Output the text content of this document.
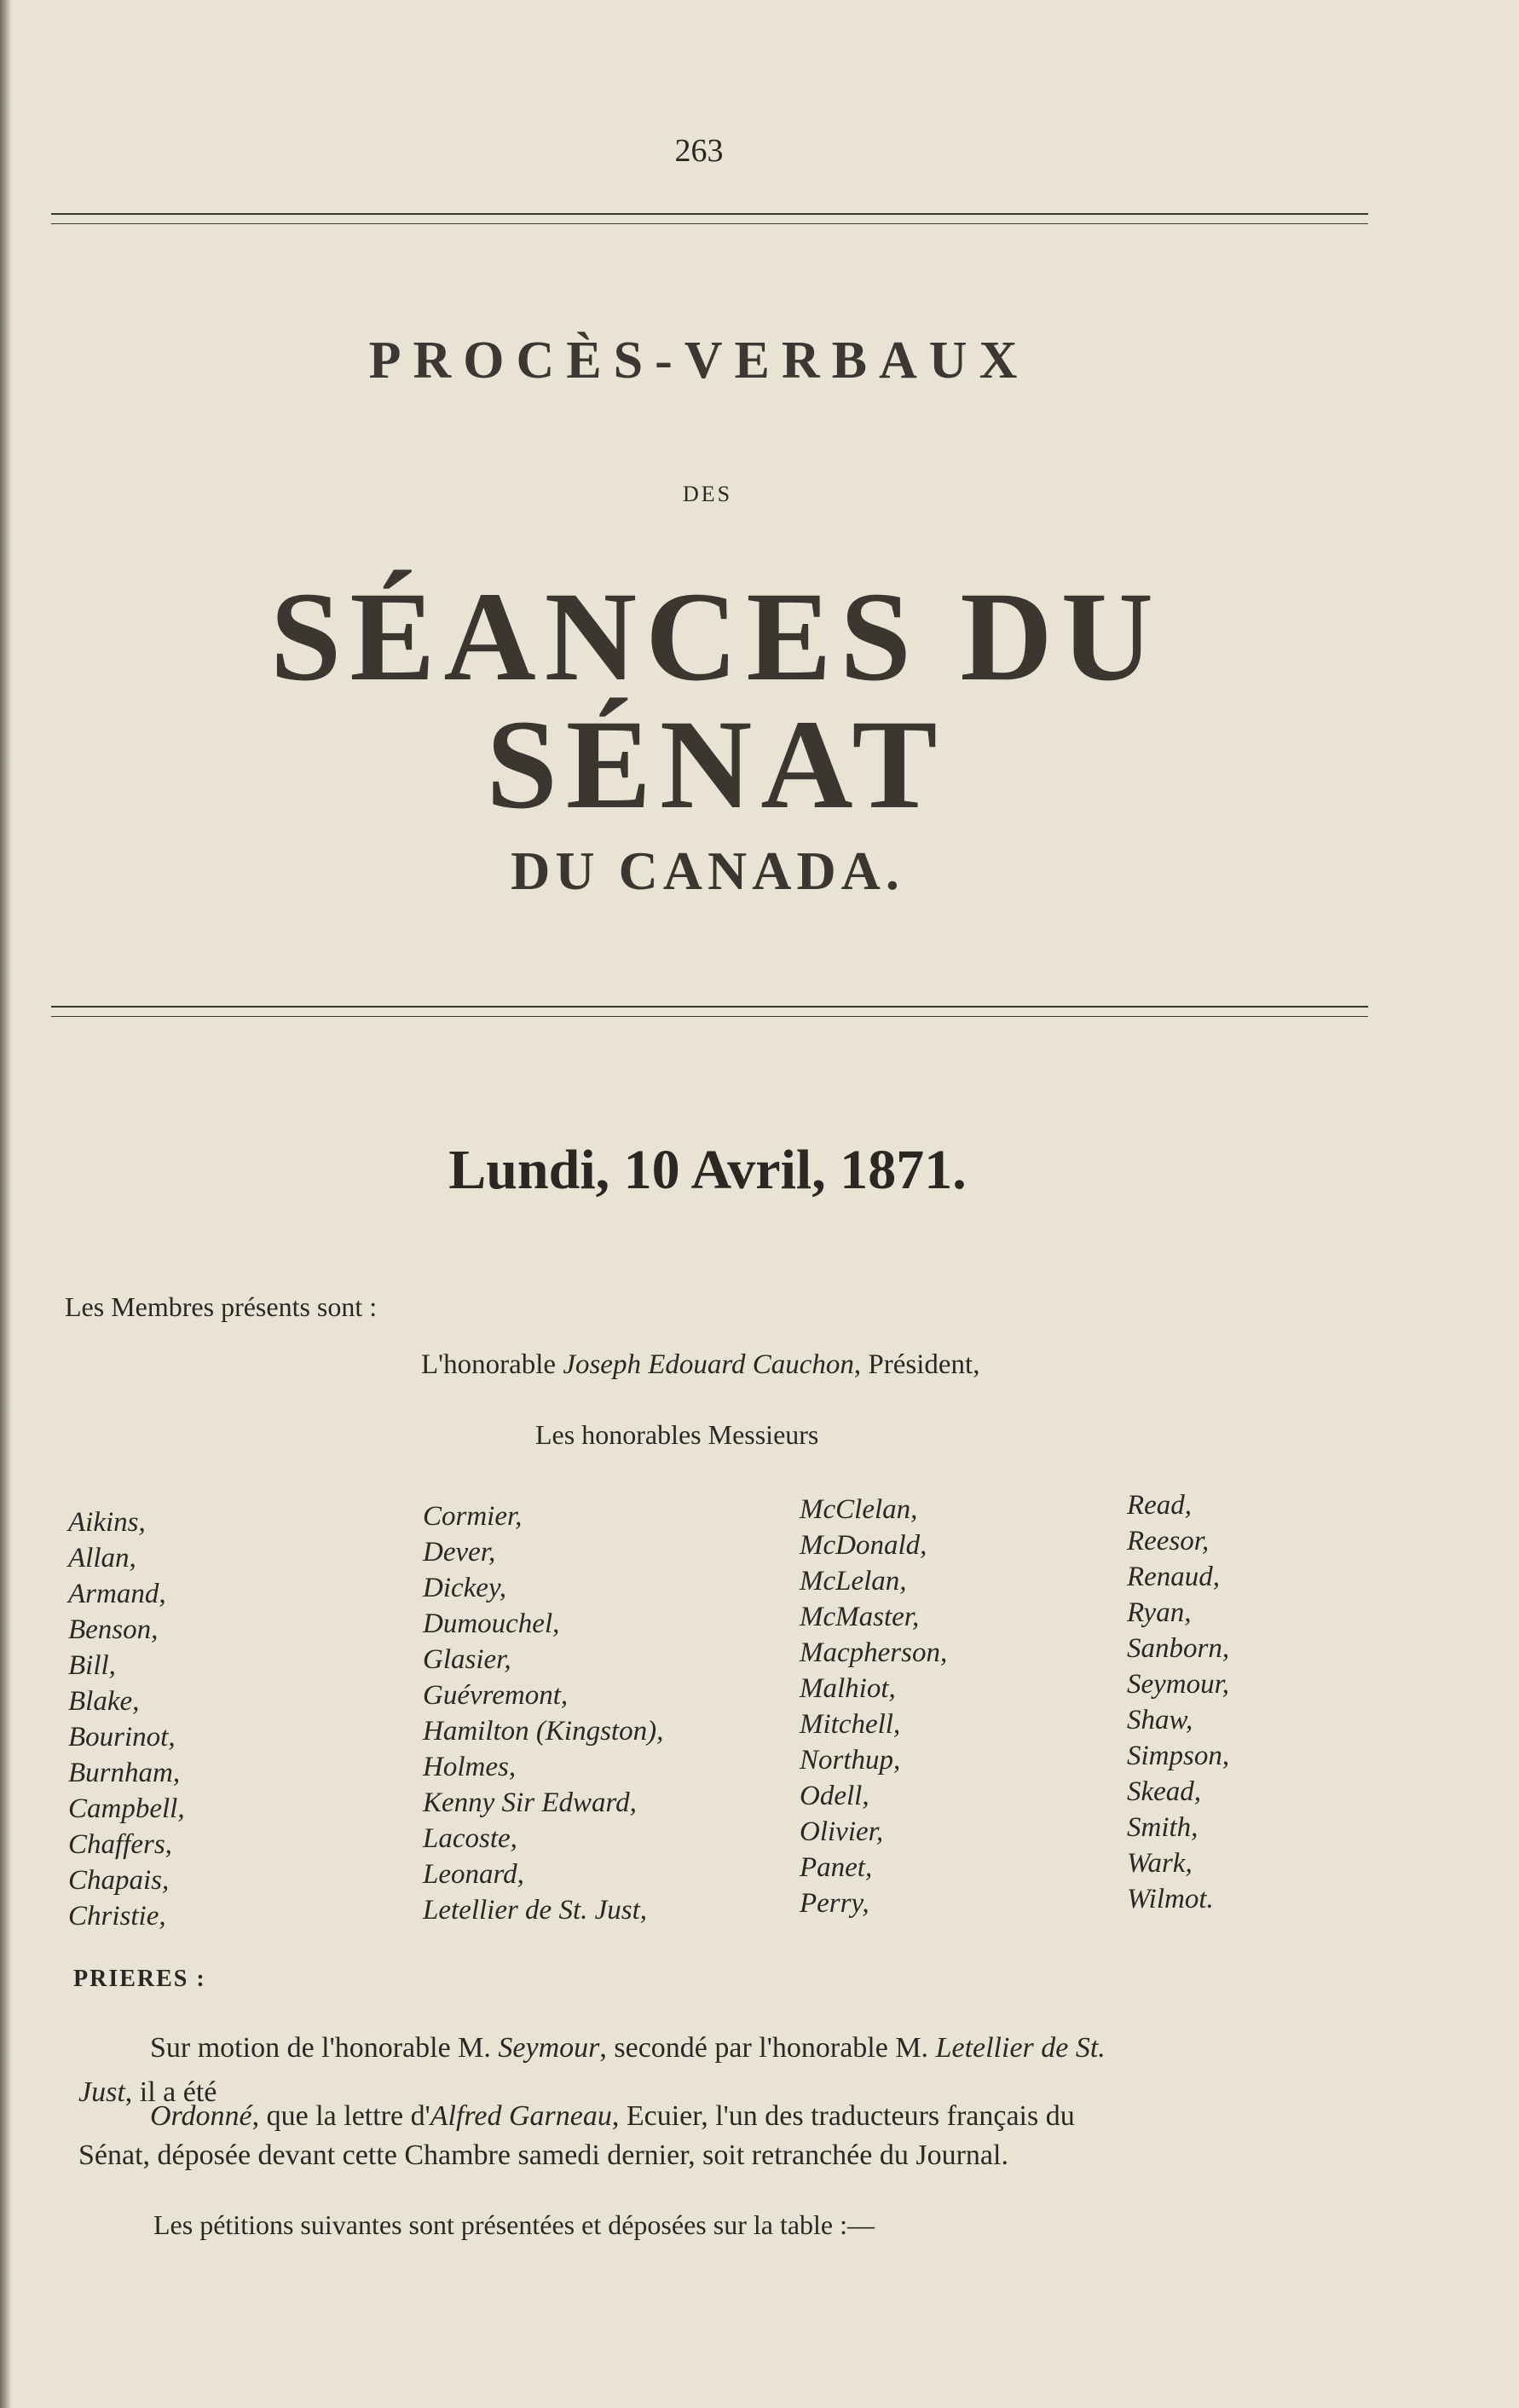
263
PROCÈS-VERBAUX
DES
SÉANCES DU SÉNAT
DU CANADA.
Lundi, 10 Avril, 1871.
Les Membres présents sont :
L'honorable Joseph Edouard Cauchon, Président,
Les honorables Messieurs
Aikins,
Allan,
Armand,
Benson,
Bill,
Blake,
Bourinot,
Burnham,
Campbell,
Chaffers,
Chapais,
Christie,
Cormier,
Dever,
Dickey,
Dumouchel,
Glasier,
Guévremont,
Hamilton (Kingston),
Holmes,
Kenny Sir Edward,
Lacoste,
Leonard,
Letellier de St. Just,
McClelan,
McDonald,
McLelan,
McMaster,
Macpherson,
Malhiot,
Mitchell,
Northup,
Odell,
Olivier,
Panet,
Perry,
Read,
Reesor,
Renaud,
Ryan,
Sanborn,
Seymour,
Shaw,
Simpson,
Skead,
Smith,
Wark,
Wilmot.
PRIERES :
Sur motion de l'honorable M. Seymour, secondé par l'honorable M. Letellier de St.
Just, il a été
Ordonné, que la lettre d'Alfred Garneau, Ecuier, l'un des traducteurs français du
Sénat, déposée devant cette Chambre samedi dernier, soit retranchée du Journal.
Les pétitions suivantes sont présentées et déposées sur la table :—
